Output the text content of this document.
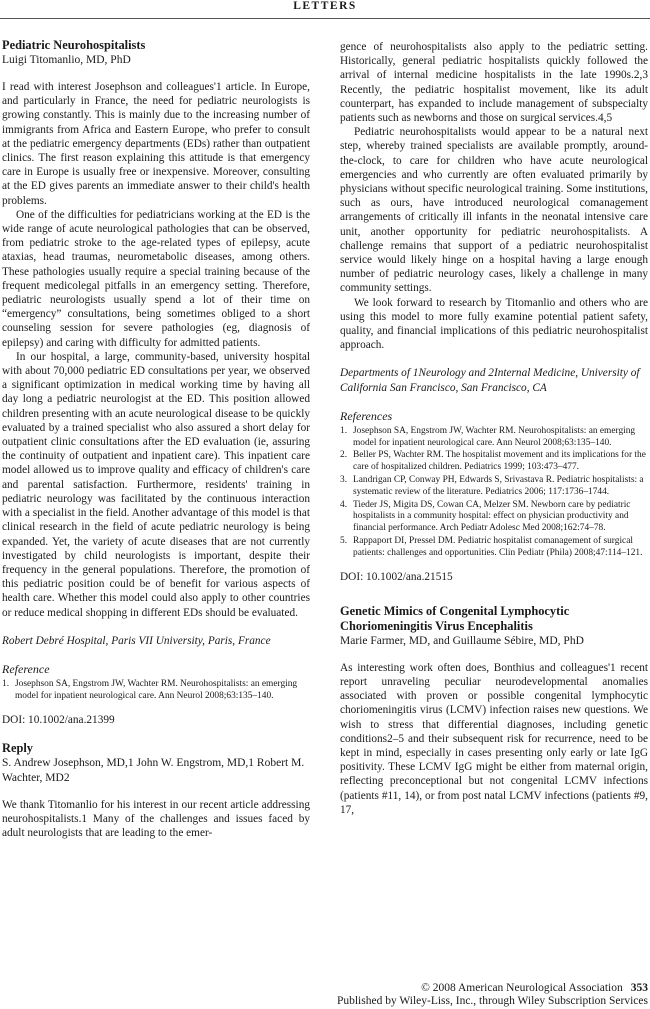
LETTERS
Pediatric Neurohospitalists
Luigi Titomanlio, MD, PhD

I read with interest Josephson and colleagues'1 article. In Europe, and particularly in France, the need for pediatric neurologists is growing constantly. This is mainly due to the increasing number of immigrants from Africa and Eastern Europe, who prefer to consult at the pediatric emergency departments (EDs) rather than outpatient clinics. The first reason explaining this attitude is that emergency care in Europe is usually free or inexpensive. Moreover, consulting at the ED gives parents an immediate answer to their child's health problems.

One of the difficulties for pediatricians working at the ED is the wide range of acute neurological pathologies that can be observed, from pediatric stroke to the age-related types of epilepsy, acute ataxias, head traumas, neurometabolic diseases, among others. These pathologies usually require a special training because of the frequent medicolegal pitfalls in an emergency setting. Therefore, pediatric neurologists usually spend a lot of their time on “emergency” consultations, being sometimes obliged to a short counseling session for severe pathologies (eg, diagnosis of epilepsy) and caring with difficulty for admitted patients.

In our hospital, a large, community-based, university hospital with about 70,000 pediatric ED consultations per year, we observed a significant optimization in medical working time by having all day long a pediatric neurologist at the ED. This position allowed children presenting with an acute neurological disease to be quickly evaluated by a trained specialist who also assured a short delay for outpatient clinic consultations after the ED evaluation (ie, assuring the continuity of outpatient and inpatient care). This inpatient care model allowed us to improve quality and efficacy of children's care and parental satisfaction. Furthermore, residents' training in pediatric neurology was facilitated by the continuous interaction with a specialist in the field. Another advantage of this model is that clinical research in the field of acute pediatric neurology is being expanded. Yet, the variety of acute diseases that are not currently investigated by child neurologists is important, despite their frequency in the general populations. Therefore, the promotion of this pediatric position could be of benefit for various aspects of health care. Whether this model could also apply to other countries or reduce medical shopping in different EDs should be evaluated.

Robert Debré Hospital, Paris VII University, Paris, France
Reference
1. Josephson SA, Engstrom JW, Wachter RM. Neurohospitalists: an emerging model for inpatient neurological care. Ann Neurol 2008;63:135–140.
DOI: 10.1002/ana.21399
Reply
S. Andrew Josephson, MD,1 John W. Engstrom, MD,1 Robert M. Wachter, MD2

We thank Titomanlio for his interest in our recent article addressing neurohospitalists.1 Many of the challenges and issues faced by adult neurologists that are leading to the emer-

gence of neurohospitalists also apply to the pediatric setting. Historically, general pediatric hospitalists quickly followed the arrival of internal medicine hospitalists in the late 1990s.2,3 Recently, the pediatric hospitalist movement, like its adult counterpart, has expanded to include management of subspecialty patients such as newborns and those on surgical services.4,5

Pediatric neurohospitalists would appear to be a natural next step, whereby trained specialists are available promptly, around-the-clock, to care for children who have acute neurological emergencies and who currently are often evaluated primarily by physicians without specific neurological training. Some institutions, such as ours, have introduced neurological comanagement arrangements of critically ill infants in the neonatal intensive care unit, another opportunity for pediatric neurohospitalists. A challenge remains that support of a pediatric neurohospitalist service would likely hinge on a hospital having a large enough number of pediatric neurology cases, likely a challenge in many community settings.

We look forward to research by Titomanlio and others who are using this model to more fully examine potential patient safety, quality, and financial implications of this pediatric neurohospitalist approach.

Departments of 1Neurology and 2Internal Medicine, University of California San Francisco, San Francisco, CA
References
1. Josephson SA, Engstrom JW, Wachter RM. Neurohospitalists: an emerging model for inpatient neurological care. Ann Neurol 2008;63:135–140.
2. Beller PS, Wachter RM. The hospitalist movement and its implications for the care of hospitalized children. Pediatrics 1999; 103:473–477.
3. Landrigan CP, Conway PH, Edwards S, Srivastava R. Pediatric hospitalists: a systematic review of the literature. Pediatrics 2006; 117:1736–1744.
4. Tieder JS, Migita DS, Cowan CA, Melzer SM. Newborn care by pediatric hospitalists in a community hospital: effect on physician productivity and financial performance. Arch Pediatr Adolesc Med 2008;162:74–78.
5. Rappaport DI, Pressel DM. Pediatric hospitalist comanagement of surgical patients: challenges and opportunities. Clin Pediatr (Phila) 2008;47:114–121.
DOI: 10.1002/ana.21515
Genetic Mimics of Congenital Lymphocytic Choriomeningitis Virus Encephalitis
Marie Farmer, MD, and Guillaume Sébire, MD, PhD

As interesting work often does, Bonthius and colleagues'1 recent report unraveling peculiar neurodevelopmental anomalies associated with proven or possible congenital lymphocytic choriomeningitis virus (LCMV) infection raises new questions. We wish to stress that differential diagnoses, including genetic conditions2–5 and their subsequent risk for recurrence, need to be kept in mind, especially in cases presenting only early or late IgG positivity. These LCMV IgG might be either from maternal origin, reflecting preconceptional but not congenital LCMV infections (patients #11, 14), or from post natal LCMV infections (patients #9, 17,

© 2008 American Neurological Association 353
Published by Wiley-Liss, Inc., through Wiley Subscription Services
